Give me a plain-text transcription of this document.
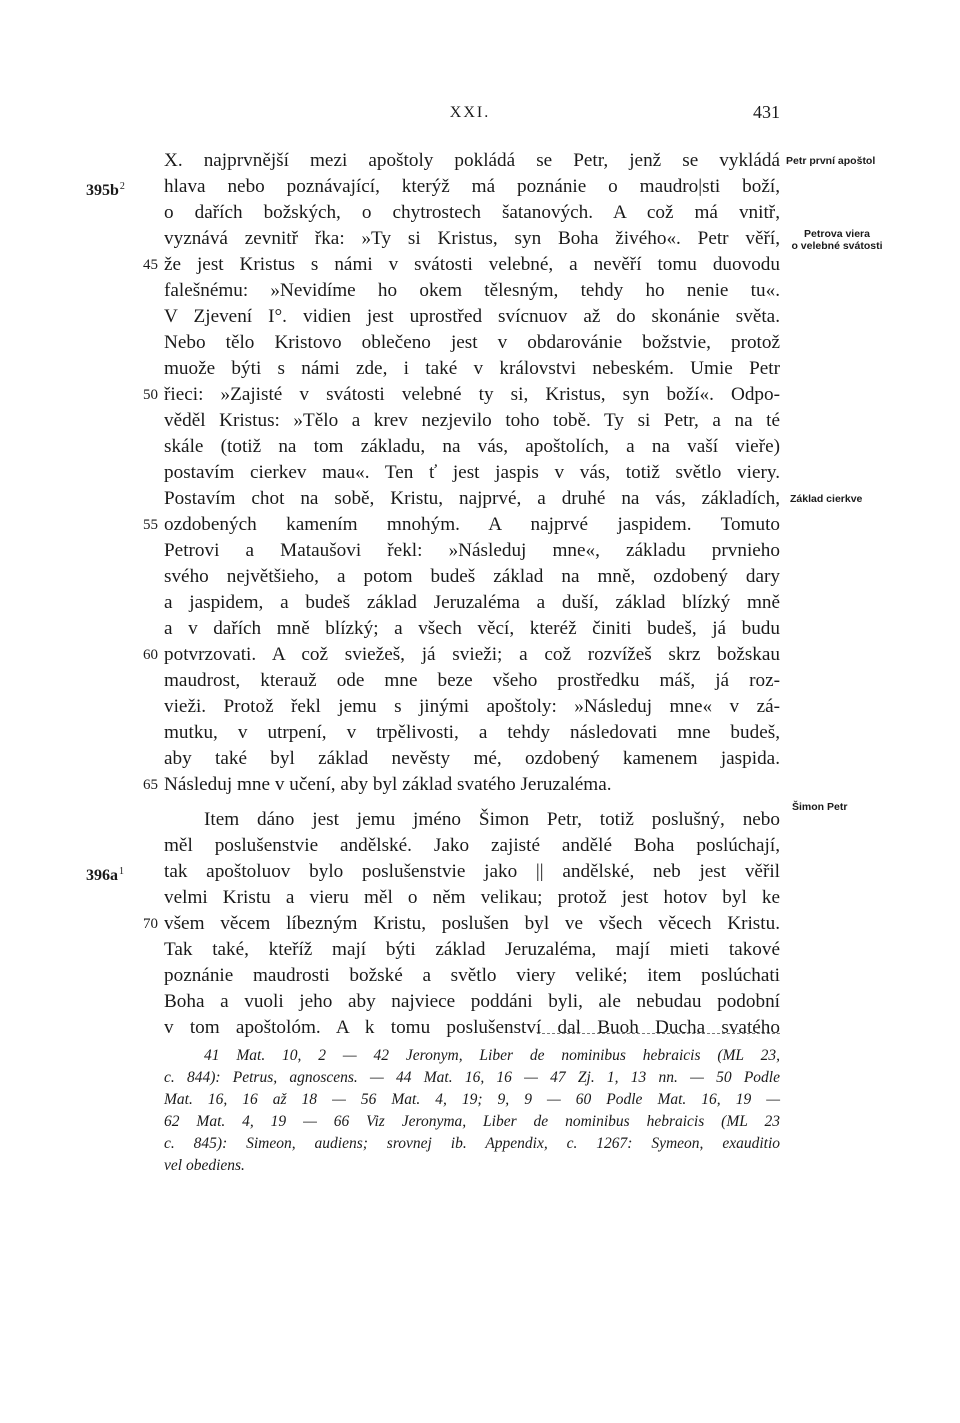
XXI.	431
X. najprvnější mezi apoštoly pokládá se Petr, jenž se vykládá
hlava nebo poznávající, kterýž má poznánie o maudro|sti boží,
o dařích božských, o chytrostech šatanových. A což má vnitř,
vyznává zevnitř řka: »Ty si Kristus, syn Boha živého«. Petr věří,
že jest Kristus s námi v svátosti velebné, a nevěří tomu duovodu
falešnému: »Nevidíme ho okem tělesným, tehdy ho nenie tu«.
V Zjevení I°. vidien jest uprostřed svícnuov až do skonánie světa.
Nebo tělo Kristovo oblečeno jest v obdarovánie božstvie, protož
muože býti s námi zde, i také v královstvi nebeském. Umie Petr
řieci: »Zajisté v svátosti velebné ty si, Kristus, syn boží«. Odpo-
věděl Kristus: »Tělo a krev nezjevilo toho tobě. Ty si Petr, a na té
skále (totiž na tom základu, na vás, apoštolích, a na vaší vieře)
postavím cierkev mau«. Ten ť jest jaspis v vás, totiž světlo viery.
Postavím chot na sobě, Kristu, najprvé, a druhé na vás, základích,
ozdobených kamením mnohým. A najprvé jaspidem. Tomuto
Petrovi a Mataušovi řekl: »Následuj mne«, základu prvnieho
svého největšieho, a potom budeš základ na mně, ozdobený dary
a jaspidem, a budeš základ Jeruzaléma a duší, základ blízký mně
a v dařích mně blízký; a všech věcí, kteréž činiti budeš, já budu
potvrzovati. A což sviežeš, já svieži; a což rozvížeš skrz božskau
maudrost, kterauž ode mne beze všeho prostředku máš, já roz-
vieži. Protož řekl jemu s jinými apoštoly: »Následuj mne« v zá-
mutku, v utrpení, v trpělivosti, a tehdy následovati mne budeš,
aby také byl základ nevěsty mé, ozdobený kamenem jaspida.
Následuj mne v učení, aby byl základ svatého Jeruzaléma.
Item dáno jest jemu jméno Šimon Petr, totiž poslušný, nebo
měl poslušenstvie andělské. Jako zajisté andělé Boha poslúchají,
tak apoštoluov bylo poslušenstvie jako || andělské, neb jest věřil
velmi Kristu a vieru měl o něm velikau; protož jest hotov byl ke
všem věcem líbezným Kristu, poslušen byl ve všech věcech Kristu.
Tak také, kteříž mají býti základ Jeruzaléma, mají mieti takové
poznánie maudrosti božské a světlo viery veliké; item poslúchati
Boha a vuoli jeho aby najviece poddáni byli, ale nebudau podobní
v tom apoštolóm. A k tomu poslušenství dal Buoh Ducha svatého
45
50
55
60
65
70
$395b^2$
$396a^1$
Petr první apoštol
Petrova viera
o velebné svátosti
Základ cierkve
Šimon Petr
41 Mat. 10, 2 — 42 Jeronym, Liber de nominibus hebraicis (ML 23,
c. 844): Petrus, agnoscens. — 44 Mat. 16, 16 — 47 Zj. 1, 13 nn. — 50 Podle
Mat. 16, 16 až 18 — 56 Mat. 4, 19; 9, 9 — 60 Podle Mat. 16, 19 —
62 Mat. 4, 19 — 66 Viz Jeronyma, Liber de nominibus hebraicis (ML 23
c. 845): Simeon, audiens; srovnej ib. Appendix, c. 1267: Symeon, exauditio
vel obediens.
